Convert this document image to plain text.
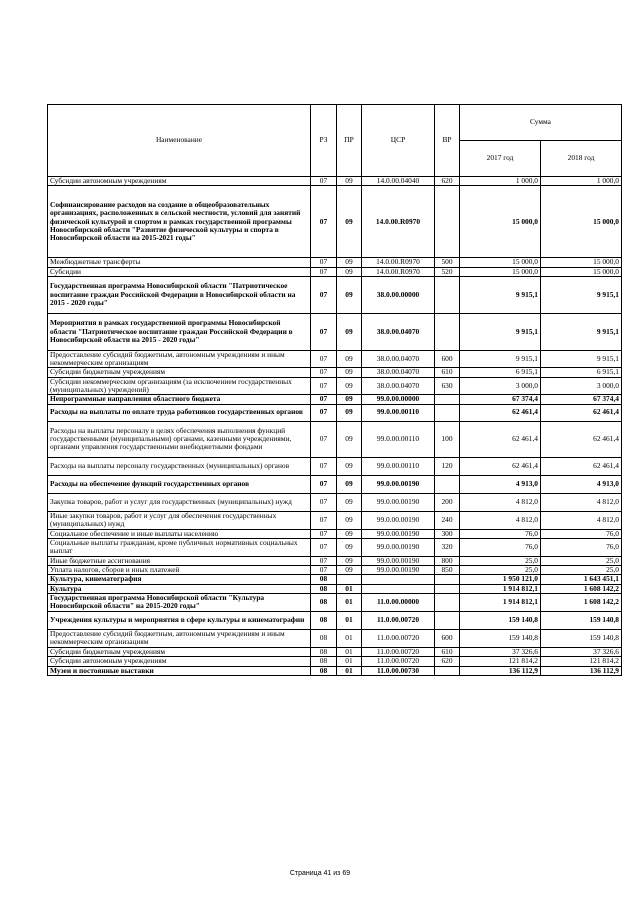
Наименование	РЗ	ПР	ЦСР	ВР	Сумма	
					2017 год	2018 год
Субсидии автономным учреждениям	07	09	14.0.00.04040	620	1 000,0	1 000,0
Софинансирование расходов на создание в общеобразовательных организациях, расположенных в сельской местности, условий для занятий физической культурой и спортом в рамках государственной программы Новосибирской области "Развитие физической культуры и спорта в Новосибирской области на 2015-2021 годы"	07	09	14.0.00.R0970		15 000,0	15 000,0
Межбюджетные трансферты	07	09	14.0.00.R0970	500	15 000,0	15 000,0
Субсидии	07	09	14.0.00.R0970	520	15 000,0	15 000,0
Государственная программа Новосибирской области "Патриотическое воспитание граждан Российской Федерации в Новосибирской области на 2015 - 2020 годы"	07	09	38.0.00.00000		9 915,1	9 915,1
Мероприятия в рамках государственной программы Новосибирской области "Патриотическое воспитание граждан Российской Федерации в Новосибирской области на 2015 - 2020 годы"	07	09	38.0.00.04070		9 915,1	9 915,1
Предоставление субсидий бюджетным, автономным учреждениям и иным некоммерческим организациям	07	09	38.0.00.04070	600	9 915,1	9 915,1
Субсидии бюджетным учреждениям	07	09	38.0.00.04070	610	6 915,1	6 915,1
Субсидии некоммерческим организациям (за исключением государственных (муниципальных) учреждений)	07	09	38.0.00.04070	630	3 000,0	3 000,0
Непрограммные направления областного бюджета	07	09	99.0.00.00000		67 374,4	67 374,4
Расходы на выплаты по оплате труда работников государственных органов	07	09	99.0.00.00110		62 461,4	62 461,4
Расходы на выплаты персоналу в целях обеспечения выполнения функций государственными (муниципальными) органами, казенными учреждениями, органами управления государственными внебюджетными фондами	07	09	99.0.00.00110	100	62 461,4	62 461,4
Расходы на выплаты персоналу государственных (муниципальных) органов	07	09	99.0.00.00110	120	62 461,4	62 461,4
Расходы на обеспечение функций государственных органов	07	09	99.0.00.00190		4 913,0	4 913,0
Закупка товаров, работ и услуг для государственных (муниципальных) нужд	07	09	99.0.00.00190	200	4 812,0	4 812,0
Иные закупки товаров, работ и услуг для обеспечения государственных (муниципальных) нужд	07	09	99.0.00.00190	240	4 812,0	4 812,0
Социальное обеспечение и иные выплаты населению	07	09	99.0.00.00190	300	76,0	76,0
Социальные выплаты гражданам, кроме публичных нормативных социальных выплат	07	09	99.0.00.00190	320	76,0	76,0
Иные бюджетные ассигнования	07	09	99.0.00.00190	800	25,0	25,0
Уплата налогов, сборов и иных платежей	07	09	99.0.00.00190	850	25,0	25,0
Культура, кинематография	08				1 950 121,0	1 643 451,1
Культура	08	01			1 914 812,1	1 608 142,2
Государственная программа Новосибирской области "Культура Новосибирской области" на 2015-2020 годы"	08	01	11.0.00.00000		1 914 812,1	1 608 142,2
Учреждения культуры и мероприятия в сфере культуры и кинематографии	08	01	11.0.00.00720		159 140,8	159 140,8
Предоставление субсидий бюджетным, автономным учреждениям и иным некоммерческим организациям	08	01	11.0.00.00720	600	159 140,8	159 140,8
Субсидии бюджетным учреждениям	08	01	11.0.00.00720	610	37 326,6	37 326,6
Субсидии автономным учреждениям	08	01	11.0.00.00720	620	121 814,2	121 814,2
Музеи и постоянные выставки	08	01	11.0.00.00730		136 112,9	136 112,9
Страница 41 из 69
